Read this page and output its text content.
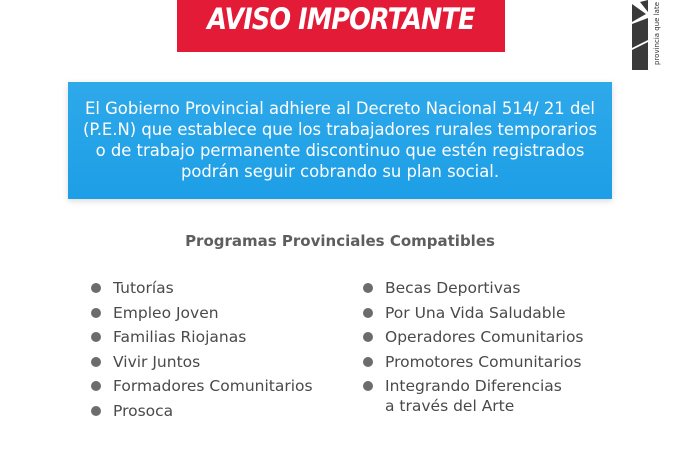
AVISO IMPORTANTE	provincia que late
El Gobierno Provincial adhiere al Decreto Nacional 514/ 21 del (P.E.N) que establece que los trabajadores rurales temporarios o de trabajo permanente discontinuo que estén registrados podrán seguir cobrando su plan social.
Programas Provinciales Compatibles
Tutorías
Empleo Joven
Familias Riojanas
Vivir Juntos
Formadores Comunitarios
Prosoca
Becas Deportivas
Por Una Vida Saludable
Operadores Comunitarios
Promotores Comunitarios
Integrando Diferencias
a través del Arte
